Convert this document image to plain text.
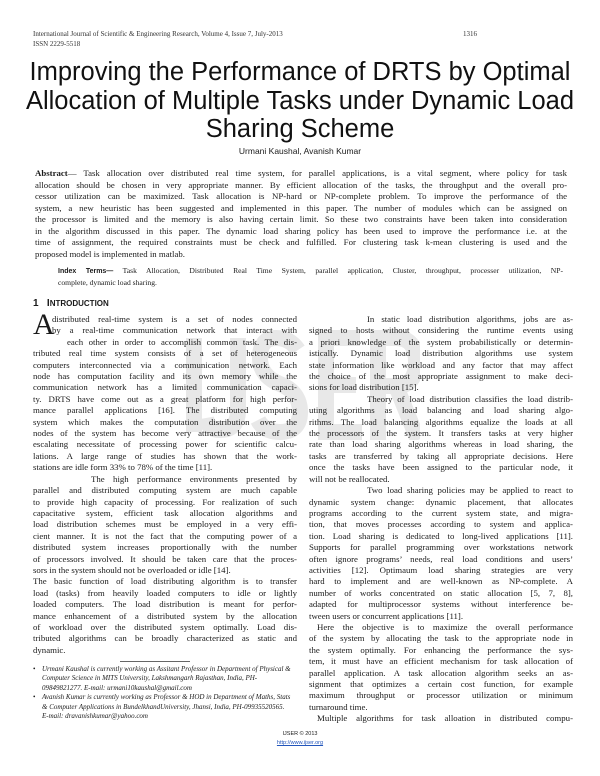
International Journal of Scientific & Engineering Research, Volume 4, Issue 7, July-2013
ISSN 2229-5518
1316
Improving the Performance of DRTS by Optimal
Allocation of Multiple Tasks under Dynamic Load
Sharing Scheme
Urmani Kaushal, Avanish Kumar
Abstract— Task allocation over distributed real time system, for parallel applications, is a vital segment, where policy for task
allocation should be chosen in very appropriate manner. By efficient allocation of the tasks, the throughput and the overall pro-
cessor utilization can be maximized. Task allocation is NP-hard or NP-complete problem. To improve the performance of the
system, a new heuristic has been suggested and implemented in this paper. The number of modules which can be assigned on
the processor is limited and the memory is also having certain limit. So these two constraints have been taken into consideration
in the algorithm discussed in this paper. The dynamic load sharing policy has been used to improve the performance i.e. at the
time of assignment, the required constraints must be check and fulfilled. For clustering task k-mean clustering is used and the
proposed model is implemented in matlab.
Index Terms— Task Allocation, Distributed Real Time System, parallel application, Cluster, throughput, processer utilization, NP-
complete, dynamic load sharing.
1 INTRODUCTION
A
distributed real-time system is a set of nodes connected
by a real-time communication network that interact with
each other in order to accomplish common task. The dis-
tributed real time system consists of a set of heterogeneous
computers interconnected via a communication network. Each
node has computation facility and its own memory while the
communication network has a limited communication capaci-
ty. DRTS have come out as a great platform for high perfor-
mance parallel applications [16]. The distributed computing
system which makes the computation distribution over the
nodes of the system has become very attractive because of the
escalating necessitate of processing power for scientific calcu-
lations. A large range of studies has shown that the work-
stations are idle form 33% to 78% of the time [11].
The high performance environments presented by
parallel and distributed computing system are much capable
to provide high capacity of processing. For realization of such
capacitative system, efficient task allocation algorithms and
load distribution schemes must be employed in a very effi-
cient manner. It is not the fact that the computing power of a
distributed system increases proportionally with the number
of processors involved. It should be taken care that the proces-
sors in the system should not be overloaded or idle [14].
The basic function of load distributing algorithm is to transfer
load (tasks) from heavily loaded computers to idle or lightly
loaded computers. The load distribution is meant for perfor-
mance enhancement of a distributed system by the allocation
of workload over the distributed system optimally. Load dis-
tributed algorithms can be broadly characterized as static and
dynamic.
In static load distribution algorithms, jobs are as-
signed to hosts without considering the runtime events using
a priori knowledge of the system probabilistically or determin-
istically. Dynamic load distribution algorithms use system
state information like workload and any factor that may affect
the choice of the most appropriate assignment to make deci-
sions for load distribution [15].
Theory of load distribution classifies the load distrib-
uting algorithms as load balancing and load sharing algo-
rithms. The load balancing algorithms equalize the loads at all
the processors of the system. It transfers tasks at very higher
rate than load sharing algorithms whereas in load sharing, the
tasks are transferred by taking all appropriate decisions. Here
once the tasks have been assigned to the particular node, it
will not be reallocated.
Two load sharing policies may be applied to react to
dynamic system change: dynamic placement, that allocates
programs according to the current system state, and migra-
tion, that moves processes according to system and applica-
tion. Load sharing is dedicated to long-lived applications [11].
Supports for parallel programming over workstations network
often ignore programs’ needs, real load conditions and users’
activities [12]. Optimaum load sharing strategies are very
hard to implement and are well-known as NP-complete. A
number of works concentrated on static allocation [5, 7, 8],
adapted for multiprocessor systems without interference be-
tween users or concurrent applications [11].
Here the objective is to maximize the overall performance
of the system by allocating the task to the appropriate node in
the system optimally. For enhancing the performance the sys-
tem, it must have an efficient mechanism for task allocation of
parallel application. A task allocation algorithm seeks an as-
signment that optimizes a certain cost function, for example
maximum throughput or processor utilization or minimum
turnaround time.
Multiple algorithms for task alloation in distributed compu-
• Urmani Kaushal is currently working as Assitant Professor in Department of Physical & Computer Science in MITS University, Lakshmangarh Rajasthan, India, PH-09849821277. E-mail: urmani10kaushal@gmail.com
• Avanish Kumar is currently working as Professor & HOD in Department of Maths, Stats & Computer Applications in BundelkhandUniversity, Jhansi, India, PH-09935520565. E-mail: dravanishkumar@yahoo.com
IJSER © 2013
http://www.ijser.org
